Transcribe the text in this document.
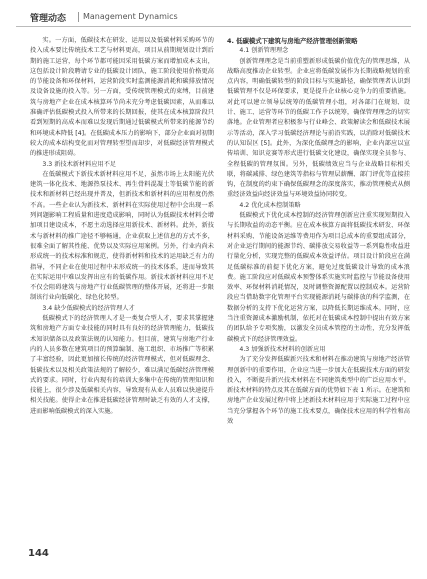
管理动态 Management Dynamics

实。一方面，低碳技术在研发、运用以及低碳材料采购环节的投入成本要比传统技术工艺与材料更高，项目从前期规划设计到后期的施工运营，每个环节都可能因采用低碳方案而增加成本支出，这包括设计阶段聘请专业的低碳设计团队，施工阶段使用价格更高的节能设备和环保材料，运营阶段实时监测能源消耗和碳排放情况及设备设施的投入等。另一方面，受传统管理模式的束缚，目前建筑与房地产企业在成本核算环节尚未充分考虑低碳因素，从而难以准确评估低碳模式投入所带来的长期回报，使其在成本核算阶段只看到短期的高成本而难以发现后期通过低碳模式所带来的能源节约和环境成本降低 [4]。在低碳成本压力的影响下，部分企业面对初期较大的成本结构变化而对管理转型望而却步，对低碳经济管理模式的推进形成阻碍。

3.3 新技术新材料应用不足

在低碳模式下新技术新材料应用不足，虽然市场上太阳能光伏建筑一体化技术、地源热泵技术、再生骨料混凝土等低碳节能的新技术和新材料已经出现并普及，但新技术和新材料的应用程度仍然不高。一些企业认为新技术、新材料在实际使用过程中会出现一系列问题影响工程质量和进度造成影响，同时认为低碳技术材料会增加项目建设成本，不愿主动选择应用新技术、新材料。此外，新技术与新材料的推广途径不够畅通，企业获取上述信息的方式不多，很难全面了解其性能、优势以及实际应用案例。另外，行业内尚未形成统一的技术标准和规范，使得新材料和技术的运用缺乏有力的指导，不同企业在使用过程中未形成统一的技术体系，进而导致其在实际运用中难以发挥出应有的低碳作用。新技术新材料应用不足不仅会阻碍建筑与房地产行业低碳管理的整体开展，还将进一步限制该行业向低碳化、绿色化转型。

3.4 缺少低碳模式的经济管理人才

低碳模式下的经济管理人才是一类复合型人才，要求其掌握建筑和房地产方面专业技能的同时具有良好的经济管理能力，低碳技术知识储备以及政策法规的认知能力。但目前，建筑与房地产行业内的人员多数在建筑项目的预算编制、施工组织、市场推广等积累了丰富经验，因此更加擅长传统的经济管理模式，但对低碳理念、低碳技术以及相关政策法规的了解较少，难以满足低碳经济管理模式的要求。同时，行业内现有的培训大多集中在传统的管理知识和技能上，很少涉及低碳相关内容，导致现有从业人员难以快速提升相关技能。使得企业在推进低碳经济管理时缺乏有效的人才支撑，进而影响低碳模式的深入实施。

4. 低碳模式下建筑与房地产经济管理创新策略
4.1 创新管理理念

创新管理理念是当前重塑新形成低碳价值优先的管理思维，从战略高度推动企业转型。企业应将低碳发展作为长期战略规划的重点内容，明确低碳转型的阶段目标与实施路径，确保管理者认识到低碳管理不仅是环保要求，更是提升企业核心竞争力的重要措施。对此可以建立领导层统筹的低碳管理小组，对各部门在规划、设计、施工、运营等环节的低碳工作予以统筹，确保管理理念的切实落地。企业管理者应积极参与行业峰会、政策解读会和低碳技术展示等活动，深入学习低碳经济理论与前沿实践，以消除对低碳技术的认知误区 [5]。此外，为深化低碳理念的影响，企业内部应以宣传培训、知识竞赛等形式进行低碳文化建设，确保实现全员参与、全程低碳的管理氛围。另外，低碳绩效应当与企业战略目标相关联，将碳减排、绿色建筑等指标与管理层薪酬、部门评优等直接挂钩，在制度的约束下确保低碳理念的深度落实，推动管理模式从侧重经济效益向经济效益与环境效益协同转变。

4.2 优化成本控制策略

低碳模式下优化成本控制的经济管理创新应注重实现短期投入与长期收益的动态平衡。应在成本核算方面将低碳技术研发、环保材料采购、节能设备运维等费用作为项目总成本的重要组成部分，对企业运行期间的能源节约、碳排放交易收益等一系列隐性收益进行量化分析，实现完整的低碳成本效益评估。项目设计阶段应在满足低碳标准的前提下优化方案，避免过度低碳设计导致的成本浪费。施工阶段应对低碳成本预警体系实施实时监控与节能设备使用效率、环保材料消耗情况，及时调整资源配置以控制成本。运营阶段应当借助数字化管理平台实现能源消耗与碳排放的科学监测，在数据分析的支持下优化运营方案，以降低长期运维成本。同时，应当注重资源成本激励机制，依托对在低碳成本控制中提出有效方案的团队给予专项奖励，以激发全员成本管控的主动性，充分发挥低碳模式下的经济管理效益。

4.3 加强新技术材料的创新应用

为了充分发挥低碳新兴技术和材料在推动建筑与房地产经济管理创新中的重要作用，企业应当进一步加大在低碳技术方面的研发投入，不断提升新兴技术材料在不同建筑类型中的广泛应用水平。新技术材料的特点及其在低碳方面的优势如下表 1 所示。在建筑和房地产企业发展过程中将上述新技术材料应用于实际施工过程中应当充分掌握各个环节的施工技术要点，确保技术应用的科学性和高效

144
